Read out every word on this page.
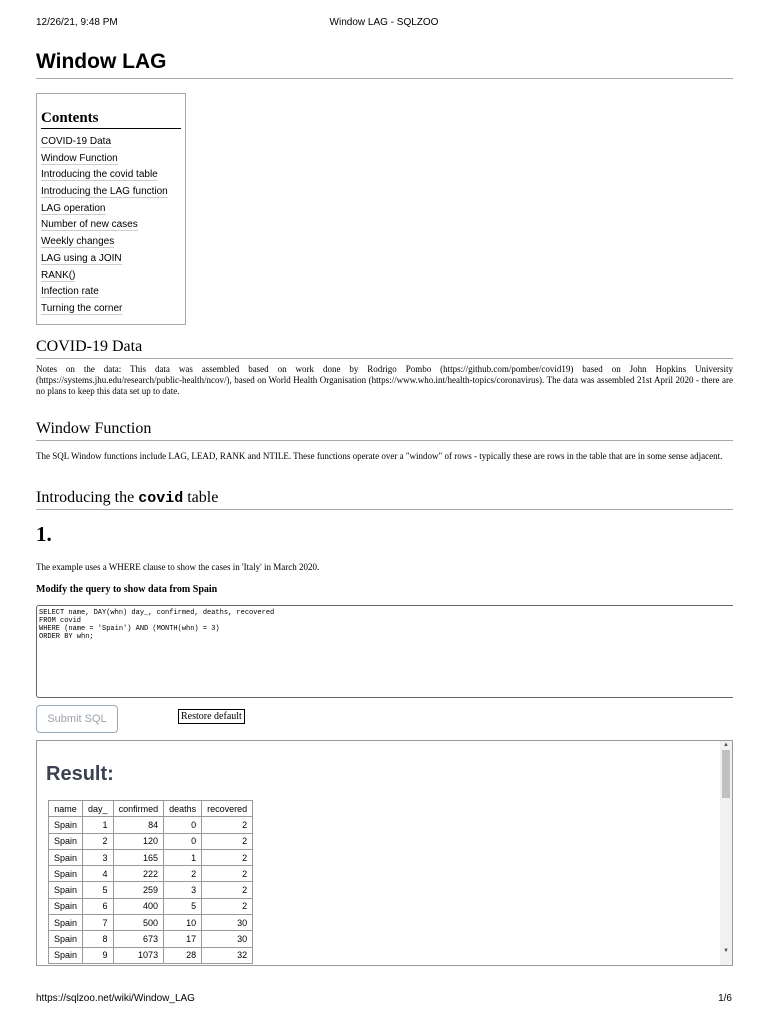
12/26/21, 9:48 PM	Window LAG - SQLZOO
Window LAG
Contents
COVID-19 Data
Window Function
Introducing the covid table
Introducing the LAG function
LAG operation
Number of new cases
Weekly changes
LAG using a JOIN
RANK()
Infection rate
Turning the corner
COVID-19 Data

Notes on the data: This data was assembled based on work done by Rodrigo Pombo (https://github.com/pomber/covid19) based on John Hopkins University (https://systems.jhu.edu/research/public-health/ncov/), based on World Health Organisation (https://www.who.int/health-topics/coronavirus). The data was assembled 21st April 2020 - there are no plans to keep this data set up to date.

Window Function

The SQL Window functions include LAG, LEAD, RANK and NTILE. These functions operate over a "window" of rows - typically these are rows in the table that are in some sense adjacent.

Introducing the covid table
1.

The example uses a WHERE clause to show the cases in 'Italy' in March 2020.

Modify the query to show data from Spain

SELECT name, DAY(whn) day_, confirmed, deaths, recovered
FROM covid
WHERE (name = 'Spain') AND (MONTH(whn) = 3)
ORDER BY whn;
Submit SQL	Restore default
Result:
name	day_	confirmed	deaths	recovered
Spain	1	84	0	2
Spain	2	120	0	2
Spain	3	165	1	2
Spain	4	222	2	2
Spain	5	259	3	2
Spain	6	400	5	2
Spain	7	500	10	30
Spain	8	673	17	30
Spain	9	1073	28	32
▲
▼
https://sqlzoo.net/wiki/Window_LAG	1/6
